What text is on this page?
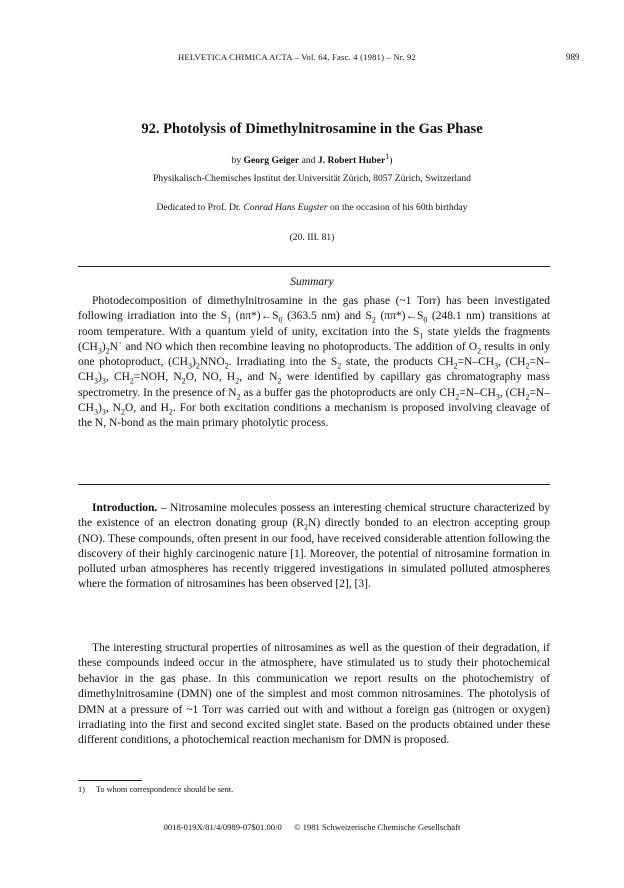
HELVETICA CHIMICA ACTA – Vol. 64, Fasc. 4 (1981) – Nr. 92	989
92. Photolysis of Dimethylnitrosamine in the Gas Phase
by Georg Geiger and J. Robert Huber$^1$)
Physikalisch-Chemisches Institut der Universität Zürich, 8057 Zürich, Switzerland
Dedicated to Prof. Dr. Conrad Hans Eugster on the occasion of his 60th birthday
(20. III. 81)
Summary

Photodecomposition of dimethylnitrosamine in the gas phase (~1 Torr) has been investigated following irradiation into the $S_1$ $(n\pi*)\leftarrow S_0$ (363.5 nm) and $S_2$ $(\pi\pi*)\leftarrow S_0$ (248.1 nm) transitions at room temperature. With a quantum yield of unity, excitation into the $S_1$ state yields the fragments $(CH_3)_2N˙$ and NO which then recombine leaving no photoproducts. The addition of $O_2$ results in only one photoproduct, $(CH_3)_2NNO_2$. Irradiating into the $S_2$ state, the products $CH_2=N-CH_3$, $(CH_2=N-CH_3)_3$, $CH_2=NOH$, $N_2O$, NO, $H_2$, and $N_2$ were identified by capillary gas chromatography mass spectrometry. In the presence of $N_2$ as a buffer gas the photoproducts are only $CH_2=N-CH_3$, $(CH_2=N-CH_3)_3$, $N_2O$, and $H_2$. For both excitation conditions a mechanism is proposed involving cleavage of the N, N-bond as the main primary photolytic process.

Introduction. – Nitrosamine molecules possess an interesting chemical structure characterized by the existence of an electron donating group $(R_2N)$ directly bonded to an electron accepting group (NO). These compounds, often present in our food, have received considerable attention following the discovery of their highly carcinogenic nature [1]. Moreover, the potential of nitrosamine formation in polluted urban atmospheres has recently triggered investigations in simulated polluted atmospheres where the formation of nitrosamines has been observed [2], [3].

The interesting structural properties of nitrosamines as well as the question of their degradation, if these compounds indeed occur in the atmosphere, have stimulated us to study their photochemical behavior in the gas phase. In this communication we report results on the photochemistry of dimethylnitrosamine (DMN) one of the simplest and most common nitrosamines. The photolysis of DMN at a pressure of ~1 Torr was carried out with and without a foreign gas (nitrogen or oxygen) irradiating into the first and second excited singlet state. Based on the products obtained under these different conditions, a photochemical reaction mechanism for DMN is proposed.

1) To whom correspondence should be sent.
0018-019X/81/4/0989-07$01.00/0 © 1981 Schweizerische Chemische Gesellschaft
